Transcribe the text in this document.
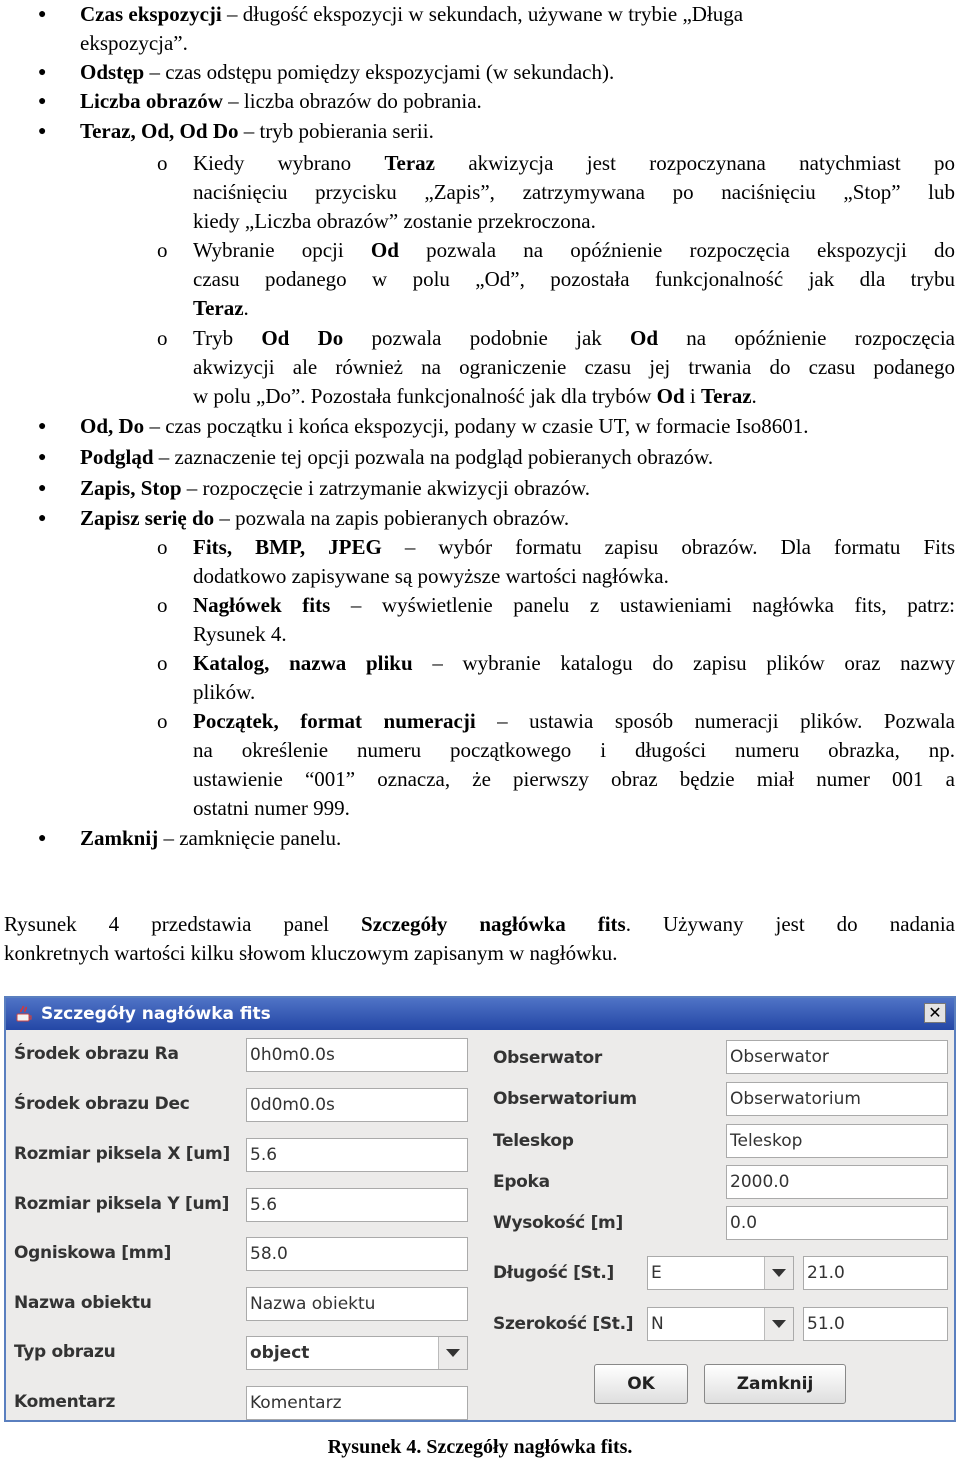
● Czas ekspozycji – długość ekspozycji w sekundach, używane w trybie „Długa
ekspozycja”.
● Odstęp – czas odstępu pomiędzy ekspozycjami (w sekundach).
● Liczba obrazów – liczba obrazów do pobrania.
● Teraz, Od, Od Do – tryb pobierania serii.
o Kiedy wybrano Teraz akwizycja jest rozpoczynana natychmiast po
naciśnięciu przycisku „Zapis”, zatrzymywana po naciśnięciu „Stop” lub
kiedy „Liczba obrazów” zostanie przekroczona.
o Wybranie opcji Od pozwala na opóźnienie rozpoczęcia ekspozycji do
czasu podanego w polu „Od”, pozostała funkcjonalność jak dla trybu
Teraz.
o Tryb Od Do pozwala podobnie jak Od na opóźnienie rozpoczęcia
akwizycji ale również na ograniczenie czasu jej trwania do czasu podanego
w polu „Do”. Pozostała funkcjonalność jak dla trybów Od i Teraz.
● Od, Do – czas początku i końca ekspozycji, podany w czasie UT, w formacie Iso8601.
● Podgląd – zaznaczenie tej opcji pozwala na podgląd pobieranych obrazów.
● Zapis, Stop – rozpoczęcie i zatrzymanie akwizycji obrazów.
● Zapisz serię do – pozwala na zapis pobieranych obrazów.
o Fits, BMP, JPEG – wybór formatu zapisu obrazów. Dla formatu Fits
dodatkowo zapisywane są powyższe wartości nagłówka.
o Nagłówek fits – wyświetlenie panelu z ustawieniami nagłówka fits, patrz:
Rysunek 4.
o Katalog, nazwa pliku – wybranie katalogu do zapisu plików oraz nazwy
plików.
o Początek, format numeracji – ustawia sposób numeracji plików. Pozwala
na określenie numeru początkowego i długości numeru obrazka, np.
ustawienie “001” oznacza, że pierwszy obraz będzie miał numer 001 a
ostatni numer 999.
● Zamknij – zamknięcie panelu.
Rysunek 4 przedstawia panel Szczegóły nagłówka fits. Używany jest do nadania
konkretnych wartości kilku słowom kluczowym zapisanym w nagłówku.
Szczegóły nagłówka fits	✕
Środek obrazu Ra	0h0m0.0s
Środek obrazu Dec	0d0m0.0s
Rozmiar piksela X [um] 5.6
Rozmiar piksela Y [um] 5.6
Ogniskowa [mm]	58.0
Nazwa obiektu	Nazwa obiektu
Typ obrazu	object
Komentarz	Komentarz
Obserwator	Obserwator
Obserwatorium	Obserwatorium
Teleskop	Teleskop
Epoka	2000.0
Wysokość [m]	0.0
Długość [St.] E	21.0
Szerokość [St.] N	51.0
OK	Zamknij
Rysunek 4. Szczegóły nagłówka fits.
